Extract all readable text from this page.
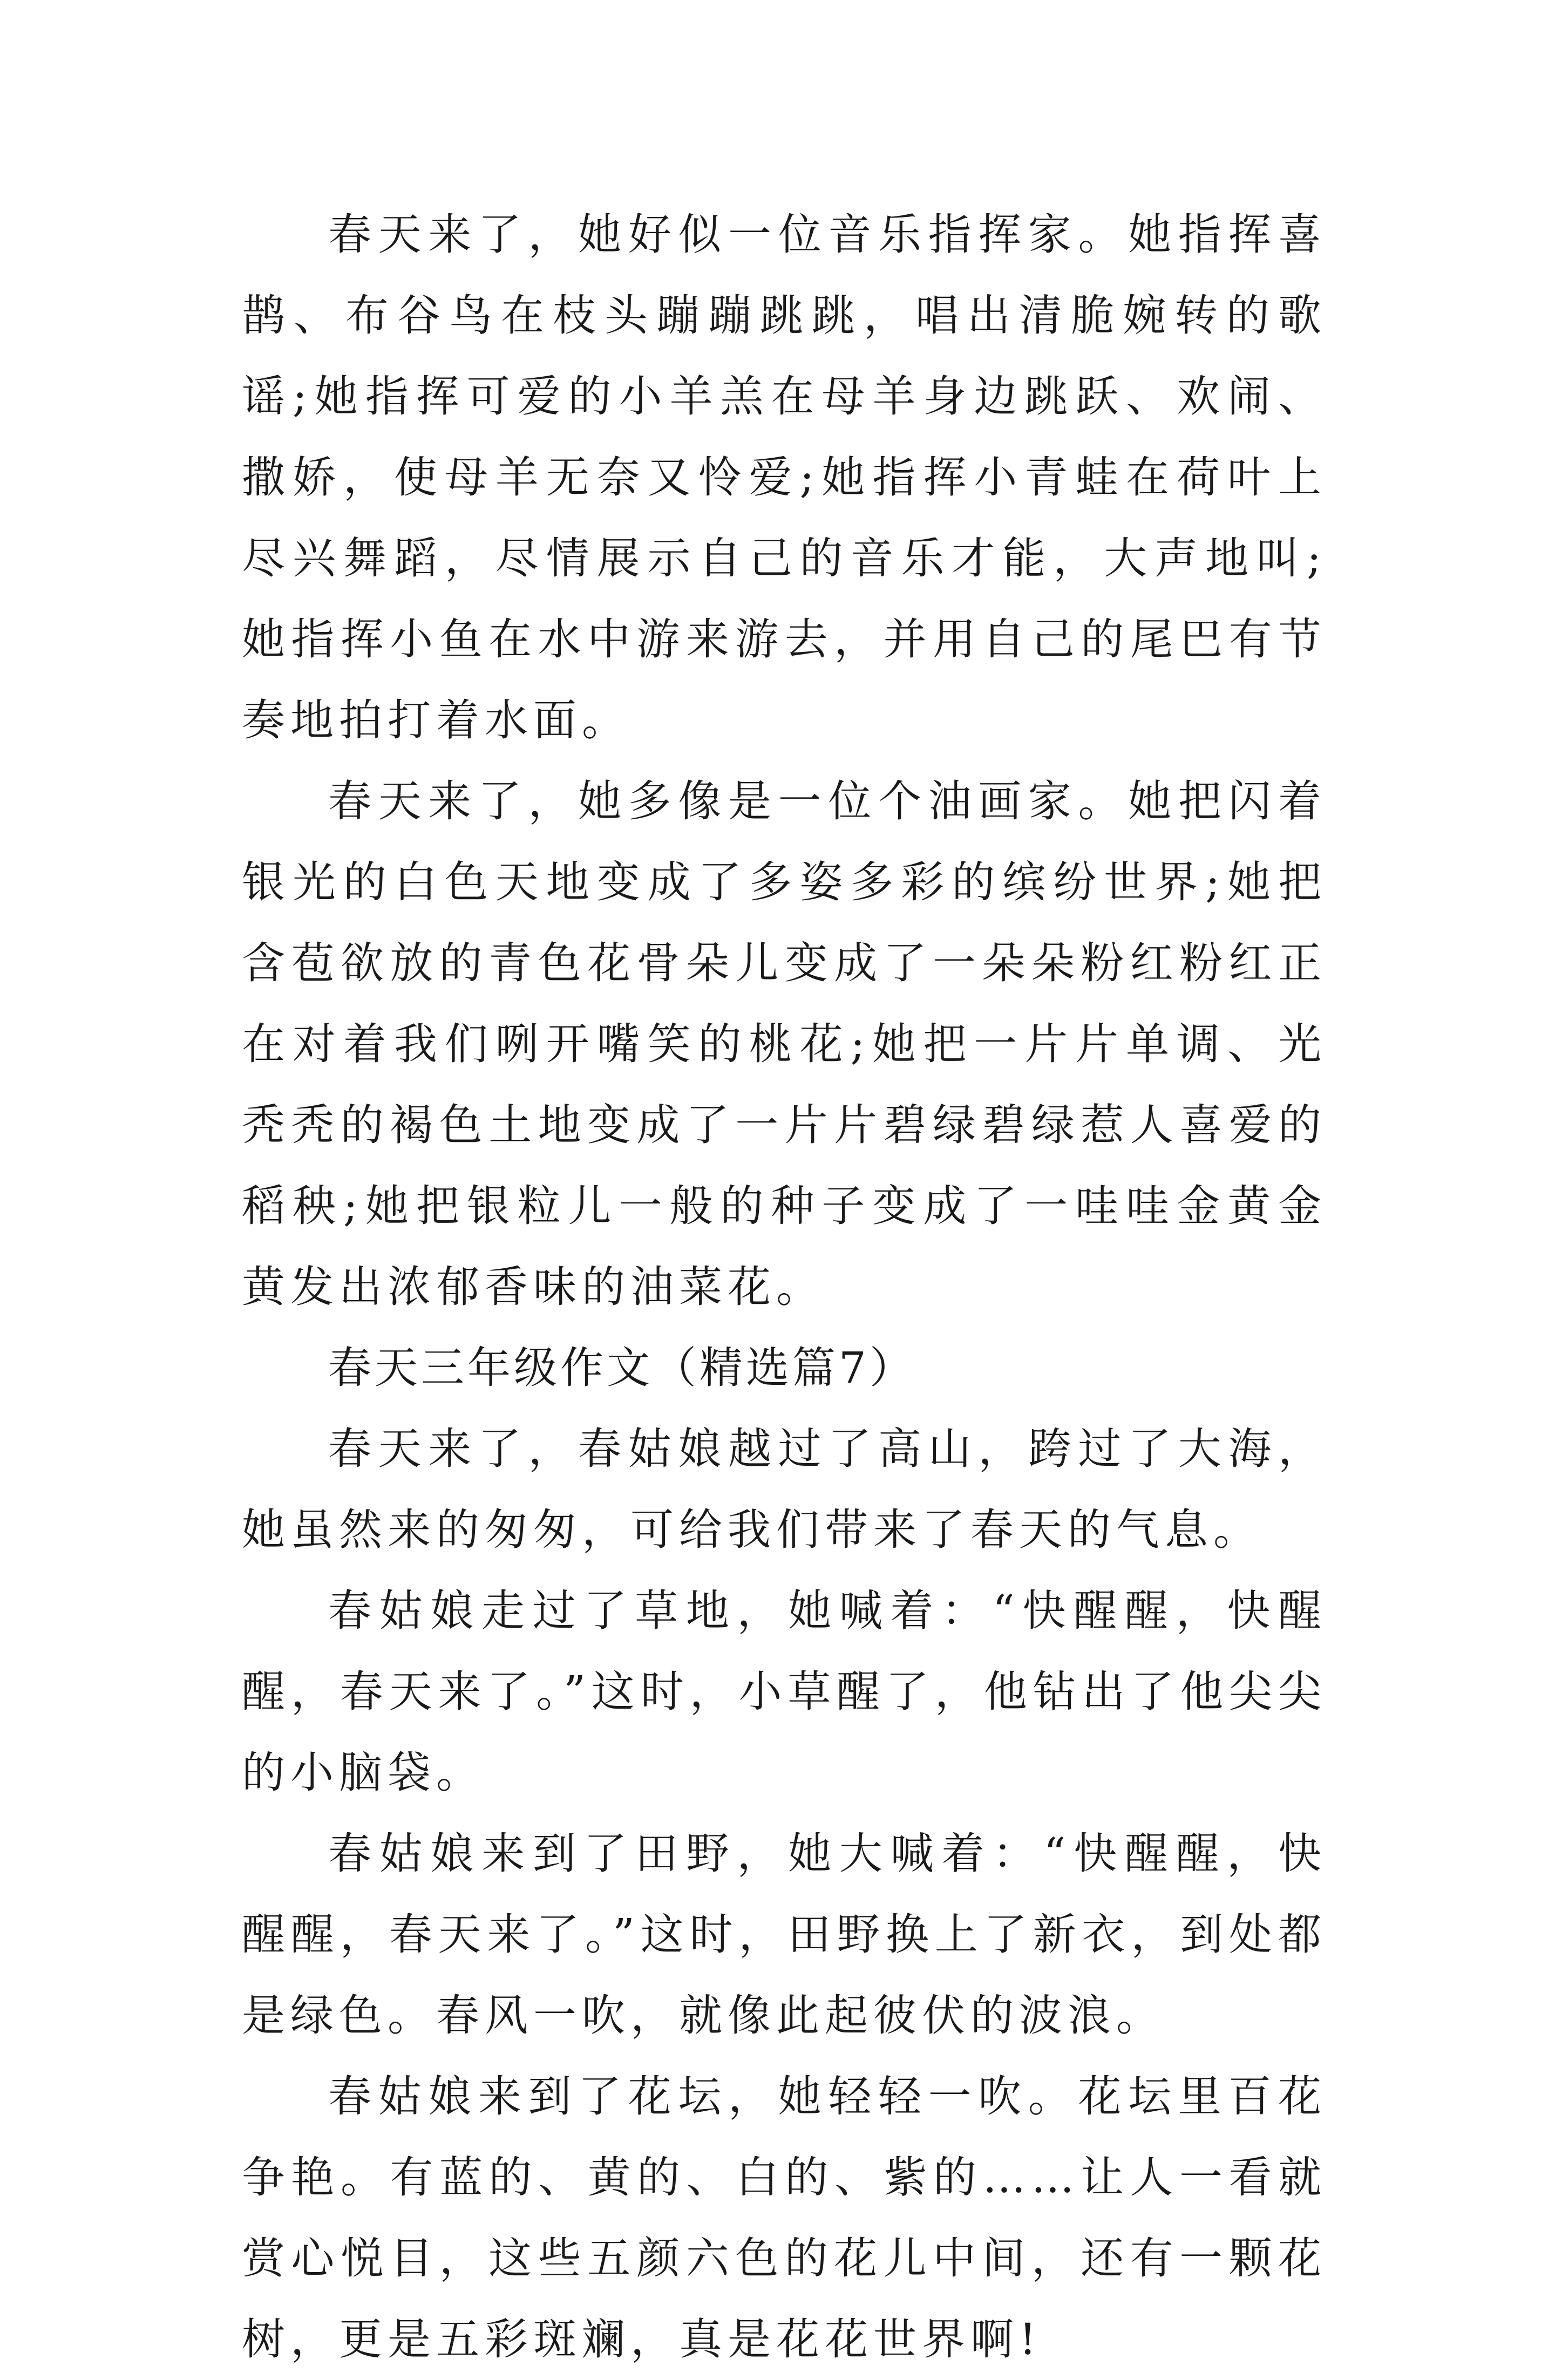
春天来了，她好似一位音乐指挥家。她指挥喜鹊、布谷鸟在枝头蹦蹦跳跳，唱出清脆婉转的歌谣;她指挥可爱的小羊羔在母羊身边跳跃、欢闹、撒娇，使母羊无奈又怜爱;她指挥小青蛙在荷叶上尽兴舞蹈，尽情展示自己的音乐才能，大声地叫;她指挥小鱼在水中游来游去，并用自己的尾巴有节奏地拍打着水面。

春天来了，她多像是一位个油画家。她把闪着银光的白色天地变成了多姿多彩的缤纷世界;她把含苞欲放的青色花骨朵儿变成了一朵朵粉红粉红正在对着我们咧开嘴笑的桃花;她把一片片单调、光秃秃的褐色土地变成了一片片碧绿碧绿惹人喜爱的稻秧;她把银粒儿一般的种子变成了一哇哇金黄金黄发出浓郁香味的油菜花。

春天三年级作文（精选篇7）

春天来了，春姑娘越过了高山，跨过了大海，她虽然来的匆匆，可给我们带来了春天的气息。

春姑娘走过了草地，她喊着：“快醒醒，快醒醒，春天来了。”这时，小草醒了，他钻出了他尖尖的小脑袋。

春姑娘来到了田野，她大喊着：“快醒醒，快醒醒，春天来了。”这时，田野换上了新衣，到处都是绿色。春风一吹，就像此起彼伏的波浪。

春姑娘来到了花坛，她轻轻一吹。花坛里百花争艳。有蓝的、黄的、白的、紫的……让人一看就赏心悦目，这些五颜六色的花儿中间，还有一颗花树，更是五彩斑斓，真是花花世界啊!
